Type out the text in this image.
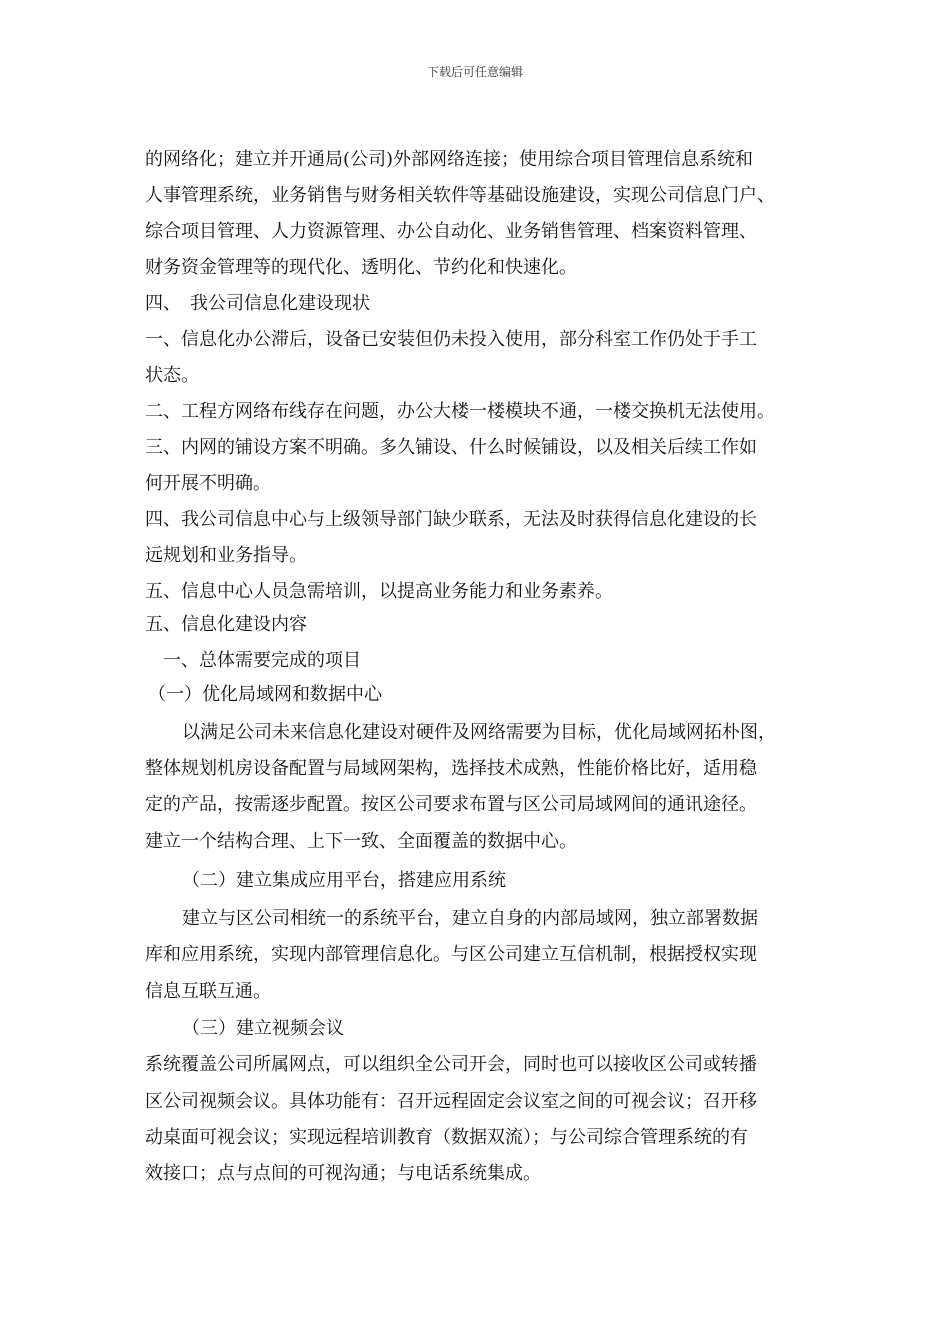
下载后可任意编辑
的网络化；建立并开通局(公司)外部网络连接；使用综合项目管理信息系统和
人事管理系统，业务销售与财务相关软件等基础设施建设，实现公司信息门户、
综合项目管理、人力资源管理、办公自动化、业务销售管理、档案资料管理、
财务资金管理等的现代化、透明化、节约化和快速化。
四、　我公司信息化建设现状
一、信息化办公滞后，设备已安装但仍未投入使用，部分科室工作仍处于手工
状态。
二、工程方网络布线存在问题，办公大楼一楼模块不通，一楼交换机无法使用。
三、内网的铺设方案不明确。多久铺设、什么时候铺设，以及相关后续工作如
何开展不明确。
四、我公司信息中心与上级领导部门缺少联系，无法及时获得信息化建设的长
远规划和业务指导。
五、信息中心人员急需培训，以提高业务能力和业务素养。
五、信息化建设内容
一、总体需要完成的项目
（一）优化局域网和数据中心
以满足公司未来信息化建设对硬件及网络需要为目标，优化局域网拓朴图，
整体规划机房设备配置与局域网架构，选择技术成熟，性能价格比好，适用稳
定的产品，按需逐步配置。按区公司要求布置与区公司局域网间的通讯途径。
建立一个结构合理、上下一致、全面覆盖的数据中心。
（二）建立集成应用平台，搭建应用系统
建立与区公司相统一的系统平台，建立自身的内部局域网，独立部署数据
库和应用系统，实现内部管理信息化。与区公司建立互信机制，根据授权实现
信息互联互通。
（三）建立视频会议
系统覆盖公司所属网点，可以组织全公司开会，同时也可以接收区公司或转播
区公司视频会议。具体功能有：召开远程固定会议室之间的可视会议；召开移
动桌面可视会议；实现远程培训教育（数据双流）；与公司综合管理系统的有
效接口；点与点间的可视沟通；与电话系统集成。
